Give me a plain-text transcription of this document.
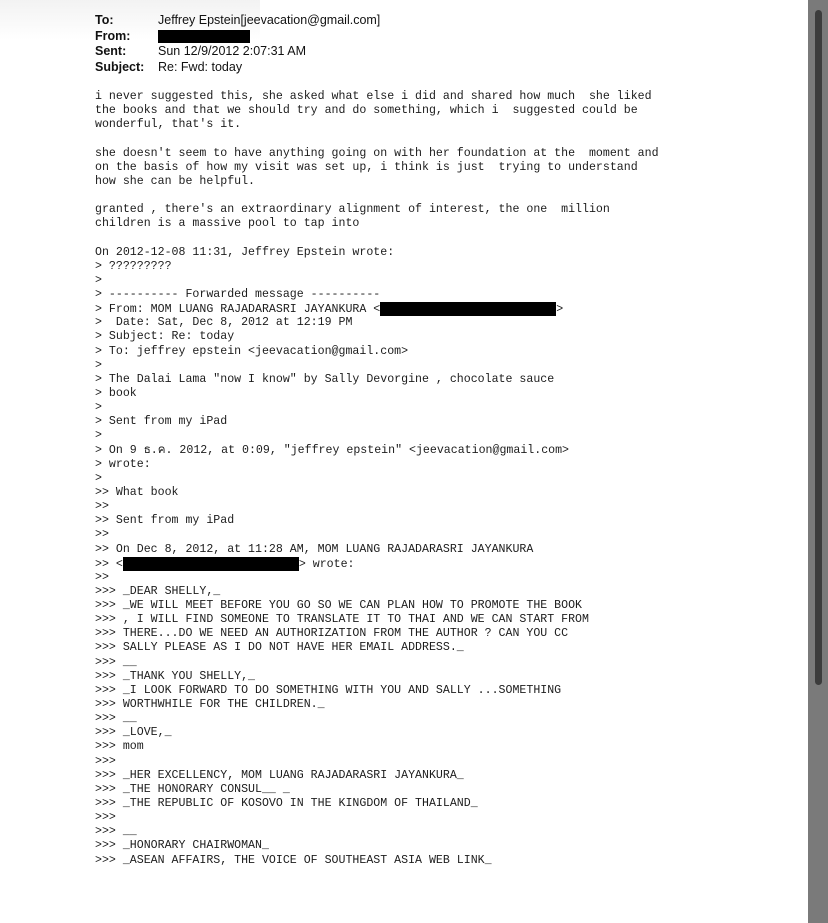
To:	Jeffrey Epstein[jeevacation@gmail.com]
From:
Sent:	Sun 12/9/2012 2:07:31 AM
Subject:	Re: Fwd: today
i never suggested this, she asked what else i did and shared how much  she liked
the books and that we should try and do something, which i  suggested could be
wonderful, that's it.
she doesn't seem to have anything going on with her foundation at the  moment and
on the basis of how my visit was set up, i think is just  trying to understand
how she can be helpful.
granted , there's an extraordinary alignment of interest, the one  million
children is a massive pool to tap into
On 2012-12-08 11:31, Jeffrey Epstein wrote:
> ?????????
>
> ---------- Forwarded message ----------
> From: MOM LUANG RAJADARASRI JAYANKURA <	>
>  Date: Sat, Dec 8, 2012 at 12:19 PM
> Subject: Re: today
> To: jeffrey epstein <jeevacation@gmail.com>
>
> The Dalai Lama "now I know" by Sally Devorgine , chocolate sauce
> book
>
> Sent from my iPad
>
> On 9 ธ.ค. 2012, at 0:09, "jeffrey epstein" <jeevacation@gmail.com>
> wrote:
>
>> What book
>>
>> Sent from my iPad
>>
>> On Dec 8, 2012, at 11:28 AM, MOM LUANG RAJADARASRI JAYANKURA
>> <	> wrote:
>>
>>> _DEAR SHELLY,_
>>> _WE WILL MEET BEFORE YOU GO SO WE CAN PLAN HOW TO PROMOTE THE BOOK
>>> , I WILL FIND SOMEONE TO TRANSLATE IT TO THAI AND WE CAN START FROM
>>> THERE...DO WE NEED AN AUTHORIZATION FROM THE AUTHOR ? CAN YOU CC
>>> SALLY PLEASE AS I DO NOT HAVE HER EMAIL ADDRESS._
>>> __
>>> _THANK YOU SHELLY,_
>>> _I LOOK FORWARD TO DO SOMETHING WITH YOU AND SALLY ...SOMETHING
>>> WORTHWHILE FOR THE CHILDREN._
>>> __
>>> _LOVE,_
>>> mom
>>>
>>> _HER EXCELLENCY, MOM LUANG RAJADARASRI JAYANKURA_
>>> _THE HONORARY CONSUL__ _
>>> _THE REPUBLIC OF KOSOVO IN THE KINGDOM OF THAILAND_
>>>
>>> __
>>> _HONORARY CHAIRWOMAN_
>>> _ASEAN AFFAIRS, THE VOICE OF SOUTHEAST ASIA WEB LINK_
